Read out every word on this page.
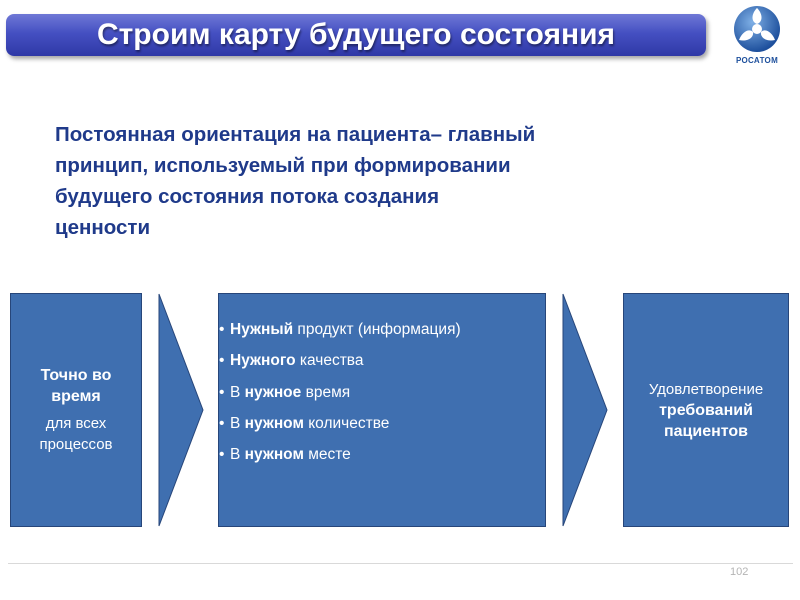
Строим карту будущего состояния
РОСАТОМ
Постоянная ориентация на пациента– главный
принцип, используемый при формировании
будущего состояния потока создания
ценности
Точно во
время
для всех
процессов
• Нужный продукт (информация)
• Нужного качества
• В нужное время
• В нужном количестве
• В нужном месте
Удовлетворение
требований
пациентов
102
